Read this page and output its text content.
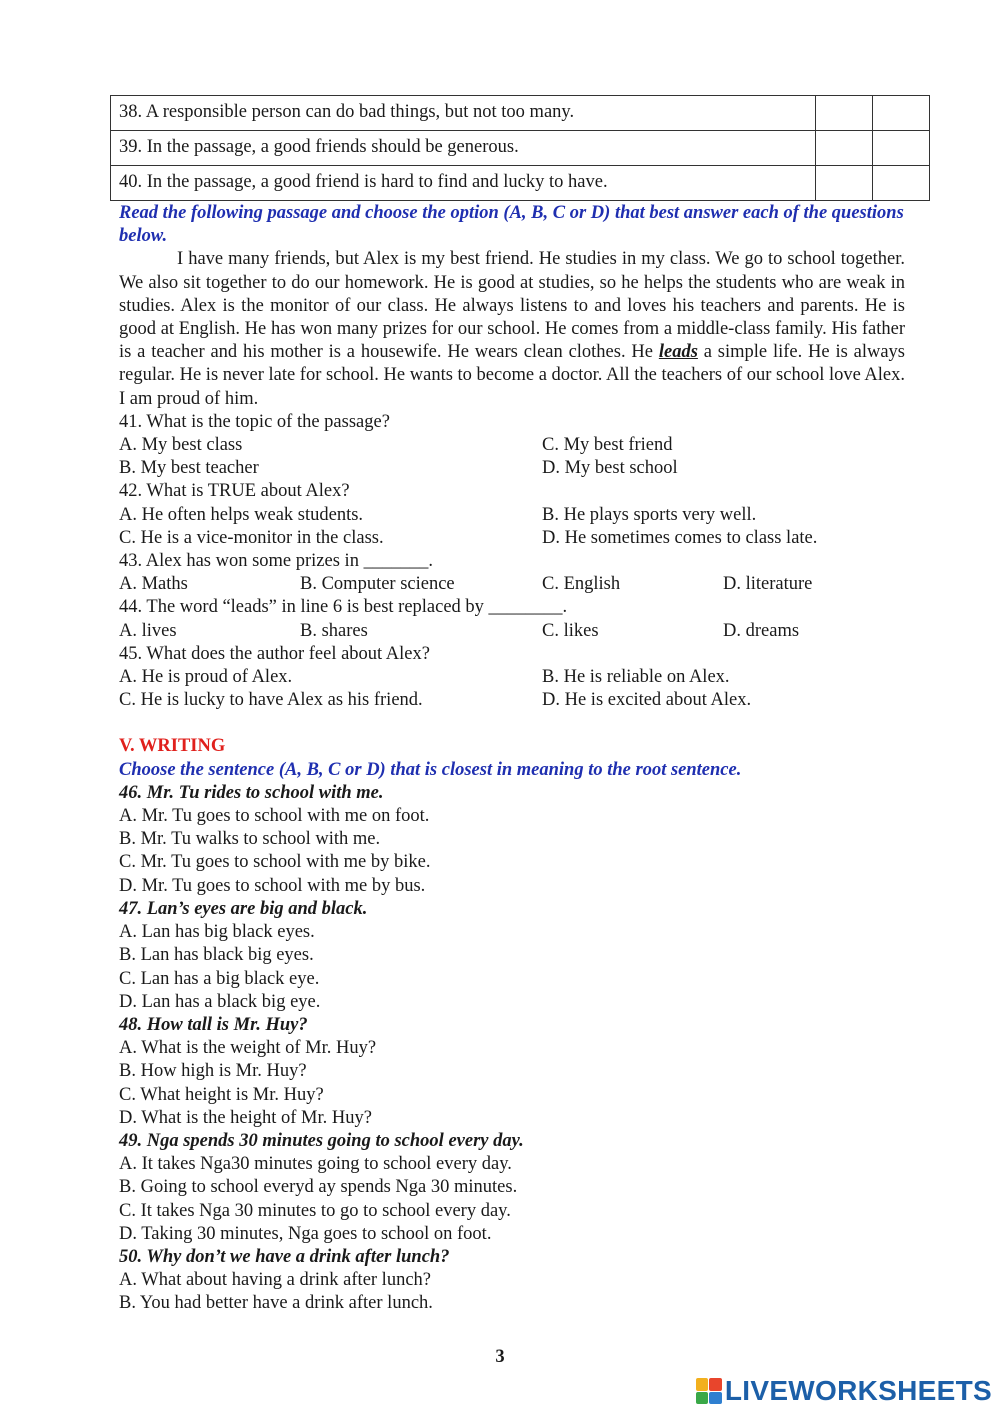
38. A responsible person can do bad things, but not too many.		
39. In the passage, a good friends should be generous.		
40. In the passage, a good friend is hard to find and lucky to have.		
Read the following passage and choose the option (A, B, C or D) that best answer each of the questions below.
I have many friends, but Alex is my best friend. He studies in my class. We go to school together. We also sit together to do our homework. He is good at studies, so he helps the students who are weak in studies. Alex is the monitor of our class. He always listens to and loves his teachers and parents. He is good at English. He has won many prizes for our school. He comes from a middle-class family. His father is a teacher and his mother is a housewife. He wears clean clothes. He leads a simple life. He is always regular. He is never late for school. He wants to become a doctor. All the teachers of our school love Alex. I am proud of him.
41. What is the topic of the passage?
A. My best class	C. My best friend
B. My best teacher	D. My best school
42. What is TRUE about Alex?
A. He often helps weak students.	B. He plays sports very well.
C. He is a vice-monitor in the class.	D. He sometimes comes to class late.
43. Alex has won some prizes in _______.
A. Maths	B. Computer science	C. English	D. literature
44. The word “leads” in line 6 is best replaced by ________.
A. lives	B. shares	C. likes	D. dreams
45. What does the author feel about Alex?
A. He is proud of Alex.	B. He is reliable on Alex.
C. He is lucky to have Alex as his friend.	D. He is excited about Alex.
V. WRITING
Choose the sentence (A, B, C or D) that is closest in meaning to the root sentence.
46. Mr. Tu rides to school with me.
A. Mr. Tu goes to school with me on foot.
B. Mr. Tu walks to school with me.
C. Mr. Tu goes to school with me by bike.
D. Mr. Tu goes to school with me by bus.
47. Lan’s eyes are big and black.
A. Lan has big black eyes.
B. Lan has black big eyes.
C. Lan has a big black eye.
D. Lan has a black big eye.
48. How tall is Mr. Huy?
A. What is the weight of Mr. Huy?
B. How high is Mr. Huy?
C. What height is Mr. Huy?
D. What is the height of Mr. Huy?
49. Nga spends 30 minutes going to school every day.
A. It takes Nga30 minutes going to school every day.
B. Going to school everyd ay spends Nga 30 minutes.
C. It takes Nga 30 minutes to go to school every day.
D. Taking 30 minutes, Nga goes to school on foot.
50. Why don’t we have a drink after lunch?
A. What about having a drink after lunch?
B. You had better have a drink after lunch.
3
LIVEWORKSHEETS
